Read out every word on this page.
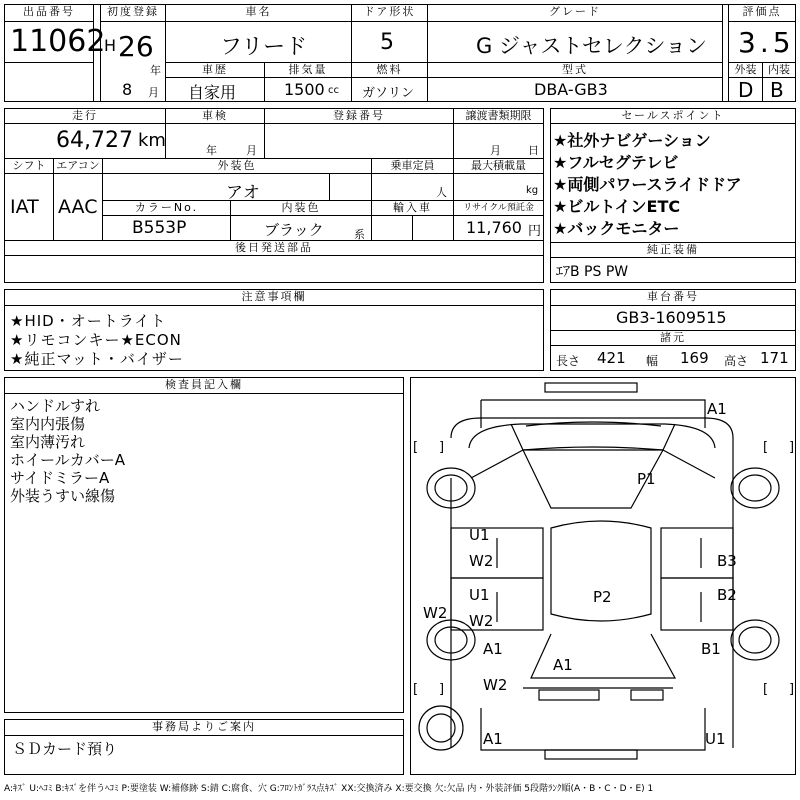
出品番号
11062
初度登録
H 26
年
8 月
車名
フリード
ドア形状
5
グレード
G ジャストセレクション
評価点
3.5
車歴
自家用
排気量
1500 cc
燃料
ガソリン
型式
DBA-GB3
外装
D
内装
B
走行
64,727 km
車検
年	月
登録番号	譲渡書類期限
月 日
シフト
IAT
エアコン
AAC
外装色
アオ
乗車定員
人
最大積載量
kg
カラーNo.
B553P
内装色
ブラック	系
輸入車	リサイクル預託金
11,760 円
後日発送部品
セールスポイント
★社外ナビゲーション
★フルセグテレビ
★両側パワースライドドア
★ビルトインETC
★バックモニター
純正装備
ｴｱB PS PW
注意事項欄
★HID・オートライト
★リモコンキー★ECON
★純正マット・バイザー
車台番号
GB3-1609515
諸元
長さ 421 幅 169 高さ 171
検査員記入欄
ハンドルすれ
室内内張傷
室内薄汚れ
ホイールカバーA
サイドミラーA
外装うすい線傷
事務局よりご案内
ＳＤカード預り
A1
P1
U1
W2	B3
U1
W2
P2	B2
W2
A1	B1
A1
W2
A1	U1
[ ]	[ ]
[ ]	[ ]
A:ｷｽﾞ U:ﾍｺﾐ B:ｷｽﾞを伴うﾍｺﾐ P:要塗装 W:補修跡 S:錆 C:腐食、穴 G:ﾌﾛﾝﾄｶﾞﾗｽ点ｷｽﾞ XX:交換済み X:要交換 欠:欠品 内・外装評価 5段階ﾗﾝｸ順(A・B・C・D・E) 1
